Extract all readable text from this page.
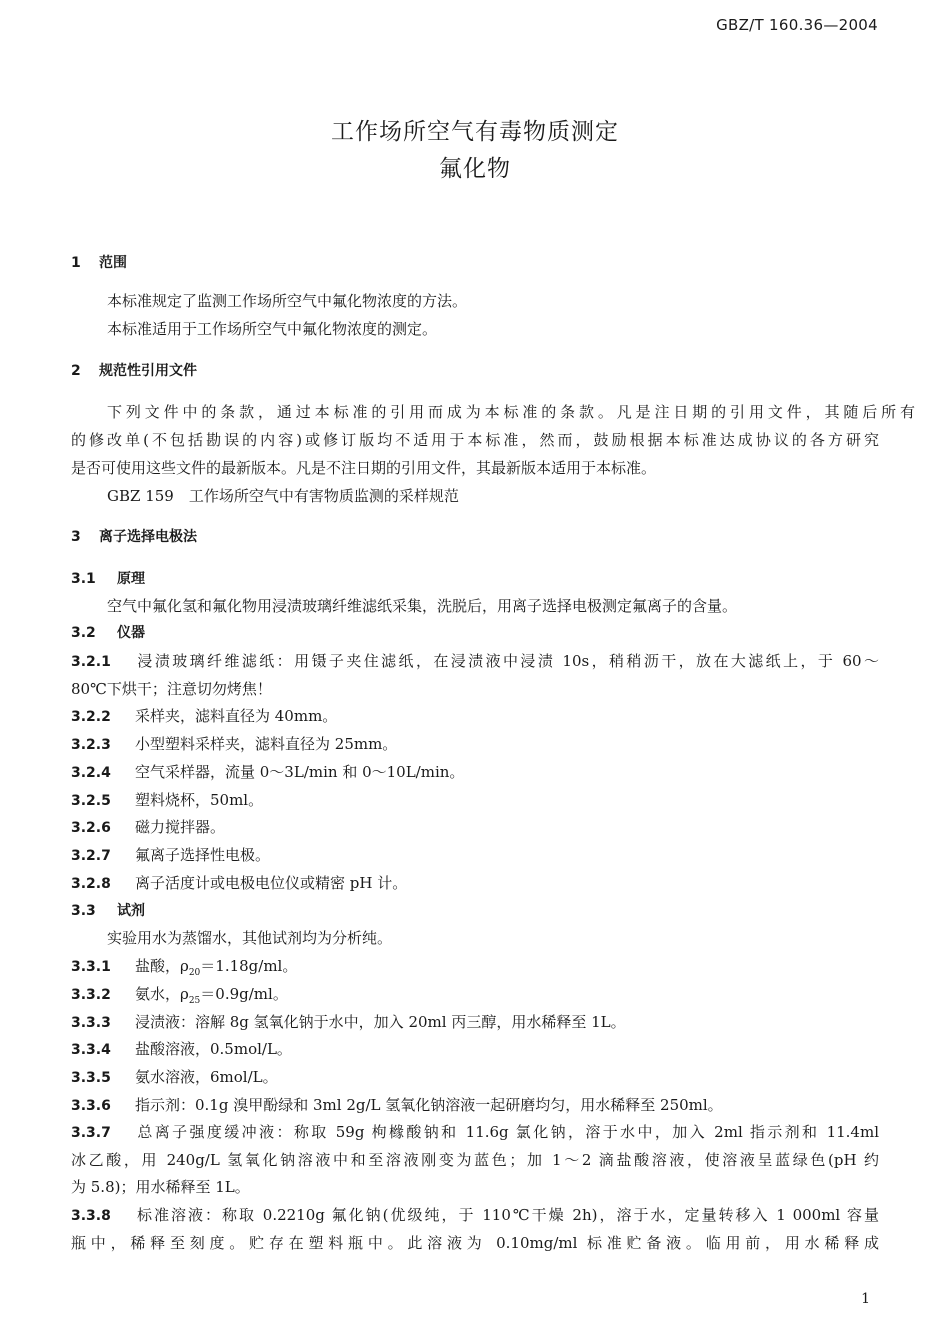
GBZ/T 160.36—2004
工作场所空气有毒物质测定
氟化物
1 范围
本标准规定了监测工作场所空气中氟化物浓度的方法。
本标准适用于工作场所空气中氟化物浓度的测定。
2 规范性引用文件
下列文件中的条款，通过本标准的引用而成为本标准的条款。凡是注日期的引用文件，其随后所有
的修改单(不包括勘误的内容)或修订版均不适用于本标准，然而，鼓励根据本标准达成协议的各方研究
是否可使用这些文件的最新版本。凡是不注日期的引用文件，其最新版本适用于本标准。
GBZ 159　工作场所空气中有害物质监测的采样规范
3 离子选择电极法
3.1 原理
空气中氟化氢和氟化物用浸渍玻璃纤维滤纸采集，洗脱后，用离子选择电极测定氟离子的含量。
3.2 仪器
3.2.1 浸渍玻璃纤维滤纸：用镊子夹住滤纸，在浸渍液中浸渍 10s，稍稍沥干，放在大滤纸上，于 60～
80℃下烘干；注意切勿烤焦！
3.2.2 采样夹，滤料直径为 40mm。
3.2.3 小型塑料采样夹，滤料直径为 25mm。
3.2.4 空气采样器，流量 0～3L/min 和 0～10L/min。
3.2.5 塑料烧杯，50ml。
3.2.6 磁力搅拌器。
3.2.7 氟离子选择性电极。
3.2.8 离子活度计或电极电位仪或精密 pH 计。
3.3 试剂
实验用水为蒸馏水，其他试剂均为分析纯。
3.3.1 盐酸，$\rho_{20}=1.18g/ml$。
3.3.2 氨水，$\rho_{25}=0.9g/ml$。
3.3.3 浸渍液：溶解 8g 氢氧化钠于水中，加入 20ml 丙三醇，用水稀释至 1L。
3.3.4 盐酸溶液，0.5mol/L。
3.3.5 氨水溶液，6mol/L。
3.3.6 指示剂：0.1g 溴甲酚绿和 3ml 2g/L 氢氧化钠溶液一起研磨均匀，用水稀释至 250ml。
3.3.7 总离子强度缓冲液：称取 59g 枸橼酸钠和 11.6g 氯化钠，溶于水中，加入 2ml 指示剂和 11.4ml
冰乙酸，用 240g/L 氢氧化钠溶液中和至溶液刚变为蓝色；加 1～2 滴盐酸溶液，使溶液呈蓝绿色(pH 约
为 5.8)；用水稀释至 1L。
3.3.8 标准溶液：称取 0.2210g 氟化钠(优级纯，于 110℃干燥 2h)，溶于水，定量转移入 1 000ml 容量
瓶中，稀释至刻度。贮存在塑料瓶中。此溶液为 0.10mg/ml 标准贮备液。临用前，用水稀释成
1
